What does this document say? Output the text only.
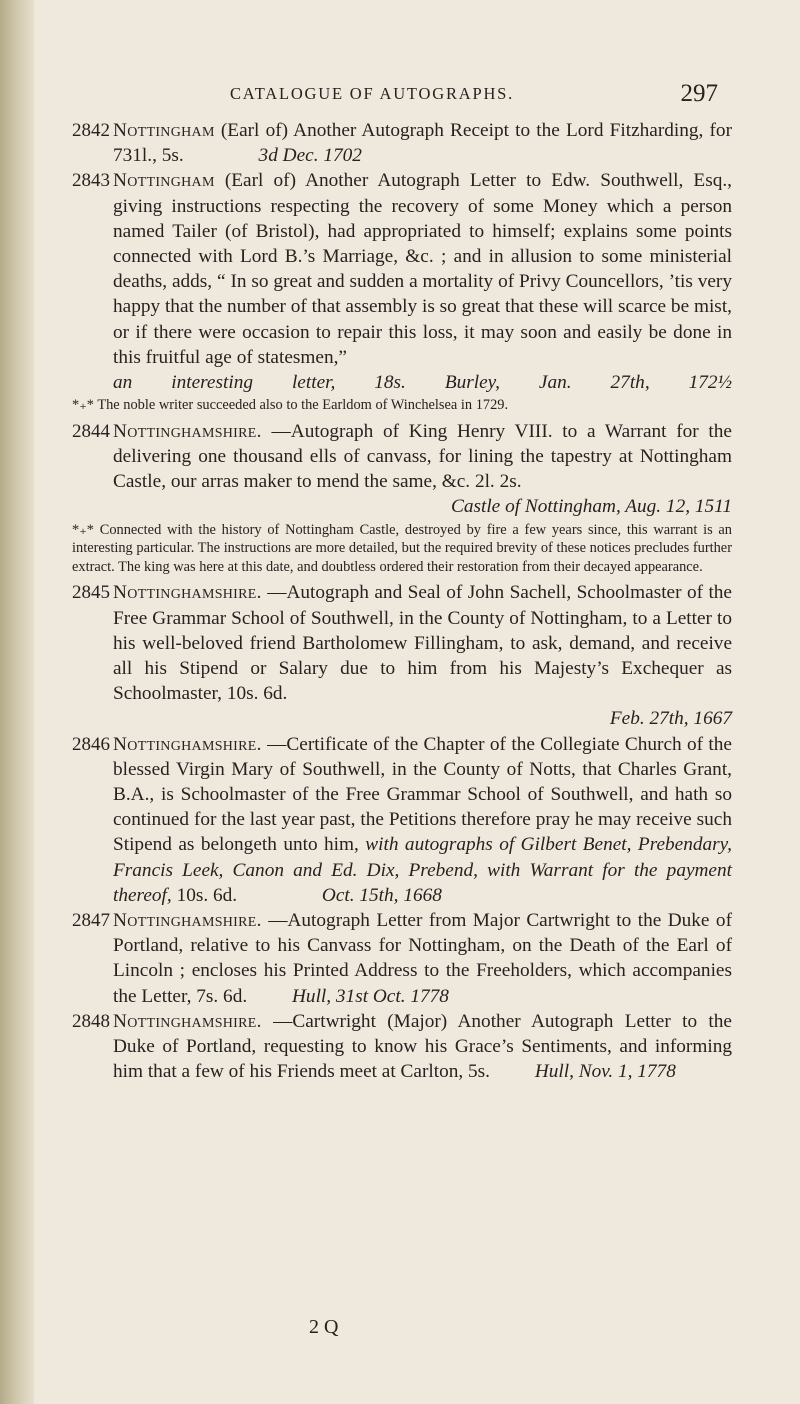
CATALOGUE OF AUTOGRAPHS.	297
2842 Nottingham (Earl of) Another Autograph Receipt to the Lord Fitzharding, for 731l., 5s.	3d Dec. 1702
2843 Nottingham (Earl of) Another Autograph Letter to Edw. Southwell, Esq., giving instructions respecting the recovery of some Money which a person named Tailer (of Bristol), had appropriated to himself; explains some points connected with Lord B.’s Marriage, &c. ; and in allusion to some ministerial deaths, adds, “ In so great and sudden a mortality of Privy Councellors, ’tis very happy that the number of that assembly is so great that these will scarce be mist, or if there were occasion to repair this loss, it may soon and easily be done in this fruitful age of statesmen,”
an interesting letter, 18s. Burley, Jan. 27th, 172½
*₊* The noble writer succeeded also to the Earldom of Winchelsea in 1729.
2844 Nottinghamshire. —Autograph of King Henry VIII. to a Warrant for the delivering one thousand ells of canvass, for lining the tapestry at Nottingham Castle, our arras maker to mend the same, &c. 2l. 2s.
Castle of Nottingham, Aug. 12, 1511
*₊* Connected with the history of Nottingham Castle, destroyed by fire a few years since, this warrant is an interesting particular. The instructions are more detailed, but the required brevity of these notices precludes further extract. The king was here at this date, and doubtless ordered their restoration from their decayed appearance.
2845 Nottinghamshire. —Autograph and Seal of John Sachell, Schoolmaster of the Free Grammar School of Southwell, in the County of Nottingham, to a Letter to his well-beloved friend Bartholomew Fillingham, to ask, demand, and receive all his Stipend or Salary due to him from his Majesty’s Exchequer as Schoolmaster, 10s. 6d.
Feb. 27th, 1667
2846 Nottinghamshire. —Certificate of the Chapter of the Collegiate Church of the blessed Virgin Mary of Southwell, in the County of Notts, that Charles Grant, B.A., is Schoolmaster of the Free Grammar School of Southwell, and hath so continued for the last year past, the Petitions therefore pray he may receive such Stipend as belongeth unto him, with autographs of Gilbert Benet, Prebendary, Francis Leek, Canon and Ed. Dix, Prebend, with Warrant for the payment thereof, 10s. 6d.	Oct. 15th, 1668
2847 Nottinghamshire. —Autograph Letter from Major Cartwright to the Duke of Portland, relative to his Canvass for Nottingham, on the Death of the Earl of Lincoln ; encloses his Printed Address to the Freeholders, which accompanies the Letter, 7s. 6d. Hull, 31st Oct. 1778
2848 Nottinghamshire. —Cartwright (Major) Another Autograph Letter to the Duke of Portland, requesting to know his Grace’s Sentiments, and informing him that a few of his Friends meet at Carlton, 5s. Hull, Nov. 1, 1778
2 Q
